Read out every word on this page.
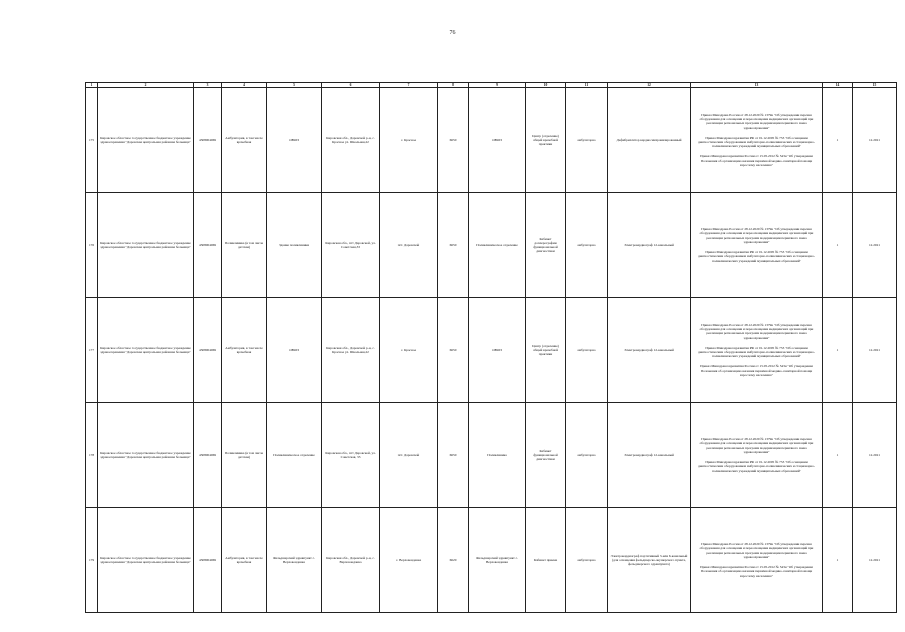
76
1	2	3	4	5	6	7	8	9	10	11	12	13	14	15
175	Кировское областное государственное бюджетное учреждение здравоохранения "Даровская центральная районная больница"	4308004069	Амбулатория, в том числе врачебная	ОВОП	Кировская обл., Даровской р-н, с. Красное ул. Школьная,22	с. Красное	6650	ОВОП	Центр (отделение) общей врачебной практики	амбулаторно	Дефибриллятор кардиосинхронизированный	Приказ Минздрава России от 28.12.2020 № 1379н "Об утверждении перечня оборудования для оснащения и переоснащения медицинских организаций при реализации региональных программ модернизации первичного звена здравоохранения"
Приказ Минздравсоцразвития РФ от 01.12.2005 № 753 "Об оснащении диагностическим оборудованием амбулаторно-поликлинических и стационарно-поликлинических учреждений муниципальных образований"
Приказ Минздравсоцразвития России от 15.05.2012 № 543н "Об утверждении Положения об организации оказания первичной медико-санитарной помощи взрослому населению"	1	12.2021
176	Кировское областное государственное бюджетное учреждение здравоохранения "Даровская центральная районная больница"	4308004069	Поликлиника (в том числе детская)	Здание поликлиники	Кировская обл., пгт Даровской, ул. Советская,33	пгт. Даровской	6650	Поликлиническое отделение	Кабинет доплерографии функциональной диагностики	амбулаторно	Электрокардиограф 12-канальный	Приказ Минздрава России от 28.12.2020 № 1379н "Об утверждении перечня оборудования для оснащения и переоснащения медицинских организаций при реализации региональных программ модернизации первичного звена здравоохранения"
Приказ Минздравсоцразвития РФ от 01.12.2005 № 753 "Об оснащении диагностическим оборудованием амбулаторно-поликлинических и стационарно-поликлинических учреждений муниципальных образований"	1	12.2021
177	Кировское областное государственное бюджетное учреждение здравоохранения "Даровская центральная районная больница"	4308004069	Амбулатория, в том числе врачебная	ОВОП	Кировская обл., Даровской р-н, с. Красное ул. Школьная,22	с. Красное	6650	ОВОП	Центр (отделение) общей врачебной практики	амбулаторно	Электрокардиограф 12-канальный	Приказ Минздрава России от 28.12.2020 № 1379н "Об утверждении перечня оборудования для оснащения и переоснащения медицинских организаций при реализации региональных программ модернизации первичного звена здравоохранения"
Приказ Минздравсоцразвития РФ от 01.12.2005 № 753 "Об оснащении диагностическим оборудованием амбулаторно-поликлинических и стационарно-поликлинических учреждений муниципальных образований"
Приказ Минздравсоцразвития России от 15.05.2012 № 543н "Об утверждении Положения об организации оказания первичной медико-санитарной помощи взрослому населению"	1	12.2021
178	Кировское областное государственное бюджетное учреждение здравоохранения "Даровская центральная районная больница"	4308004069	Поликлиника (в том числе детская)	Поликлиническое отделение	Кировская обл., пгт Даровской, ул. Советская, 33	пгт. Даровской	6650	Поликлиника	Кабинет функциональной диагностики	амбулаторно	Электрокардиограф 12-канальный	Приказ Минздрава России от 28.12.2020 № 1379н "Об утверждении перечня оборудования для оснащения и переоснащения медицинских организаций при реализации региональных программ модернизации первичного звена здравоохранения"
Приказ Минздравсоцразвития РФ от 01.12.2005 № 753 "Об оснащении диагностическим оборудованием амбулаторно-поликлинических и стационарно-поликлинических учреждений муниципальных образований"	1	12.2021
179	Кировское областное государственное бюджетное учреждение здравоохранения "Даровская центральная районная больница"	4308004069	Амбулатория, в том числе врачебная	Фельдшерский здравпункт с. Верховонданка	Кировская обл., Даровской р-н, с. Верховонданка	с. Верховонданка	6620	Фельдшерский здравпункт с. Верховонданка	Кабинет приема	амбулаторно	Электрокардиограф портативный 3-или 6-канальный (для оснащения фельдшерско-акушерского пункта, фельдшерского здравпункта)	Приказ Минздрава России от 28.12.2020 № 1379н "Об утверждении перечня оборудования для оснащения и переоснащения медицинских организаций при реализации региональных программ модернизации первичного звена здравоохранения"
Приказ Минздравсоцразвития России от 15.05.2012 № 543н "Об утверждении Положения об организации оказания первичной медико-санитарной помощи взрослому населению"	1	12.2021
